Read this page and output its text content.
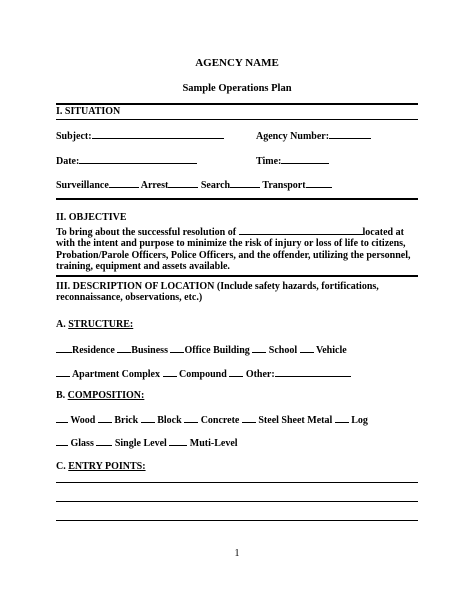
AGENCY NAME
Sample Operations Plan
I. SITUATION
Subject:	Agency Number:
Date:	Time:
Surveillance	Arrest	Search	Transport
II. OBJECTIVE
To bring about the successful resolution of	located at with the intent and purpose to minimize the risk of injury or loss of life to citizens, Probation/Parole Officers, Police Officers, and the offender, utilizing the personnel, training, equipment and assets available.
III. DESCRIPTION OF LOCATION (Include safety hazards, fortifications, reconnaissance, observations, etc.)
A. STRUCTURE:
Residence Business Office Building School Vehicle
Apartment Complex Compound Other:
B. COMPOSITION:
Wood Brick Block Concrete Steel Sheet Metal Log
Glass Single Level Muti-Level
C. ENTRY POINTS:
1
